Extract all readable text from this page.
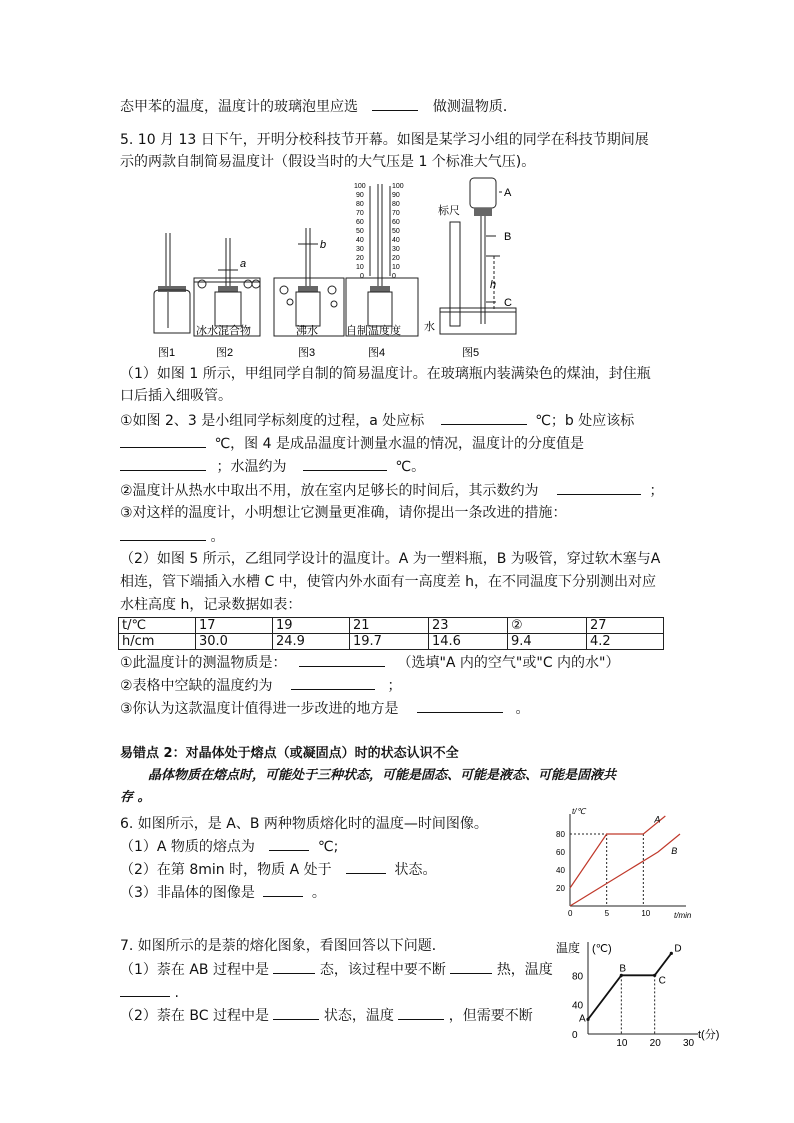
态甲苯的温度，温度计的玻璃泡里应选	做测温物质．
5. 10 月 13 日下午，开明分校科技节开幕。如图是某学习小组的同学在科技节期间展
示的两款自制简易温度计（假设当时的大气压是 1 个标准大气压)。
a
b
100	100
90	90
80	80
70	70
60	60
50	50
40	40
30	30
20	20
10	10
0	0
A
B
C
h
标尺
水
冰水混合物	沸水	自制温度度
图1	图2	图3	图4	图5
（1）如图 1 所示，甲组同学自制的简易温度计。在玻璃瓶内装满染色的煤油，封住瓶
口后插入细吸管。
①如图 2、3 是小组同学标刻度的过程，a 处应标	℃；b 处应该标
℃，图 4 是成品温度计测量水温的情况，温度计的分度值是
；水温约为	℃。
②温度计从热水中取出不用，放在室内足够长的时间后，其示数约为	；
③对这样的温度计，小明想让它测量更准确，请你提出一条改进的措施：
。
（2）如图 5 所示，乙组同学设计的温度计。A 为一塑料瓶，B 为吸管，穿过软木塞与A
相连，管下端插入水槽 C 中，使管内外水面有一高度差 h，在不同温度下分别测出对应
水柱高度 h，记录数据如表：
t/℃	17	19	21	23	②	27
h/cm	30.0	24.9	19.7	14.6	9.4	4.2
①此温度计的测温物质是：	（选填"A 内的空气"或"C 内的水"）
②表格中空缺的温度约为	；
③你认为这款温度计值得进一步改进的地方是	。
易错点 2：对晶体处于熔点（或凝固点）时的状态认识不全
晶体物质在熔点时，可能处于三种状态，可能是固态、可能是液态、可能是固液共
存 。
6. 如图所示，是 A、B 两种物质熔化时的温度—时间图像。
（1）A 物质的熔点为	℃;
（2）在第 8min 时，物质 A 处于	状态。
（3）非晶体的图像是	。
t/℃
t/min
20
40
60
80
0	5	10
A
B
7. 如图所示的是萘的熔化图象，看图回答以下问题．
（1）萘在 AB 过程中是	态，该过程中要不断	热，温度
.
（2）萘在 BC 过程中是	状态，温度	，但需要不断
温度 (℃)
t(分)
0
40
80
10 20 30
A
B
C
D
